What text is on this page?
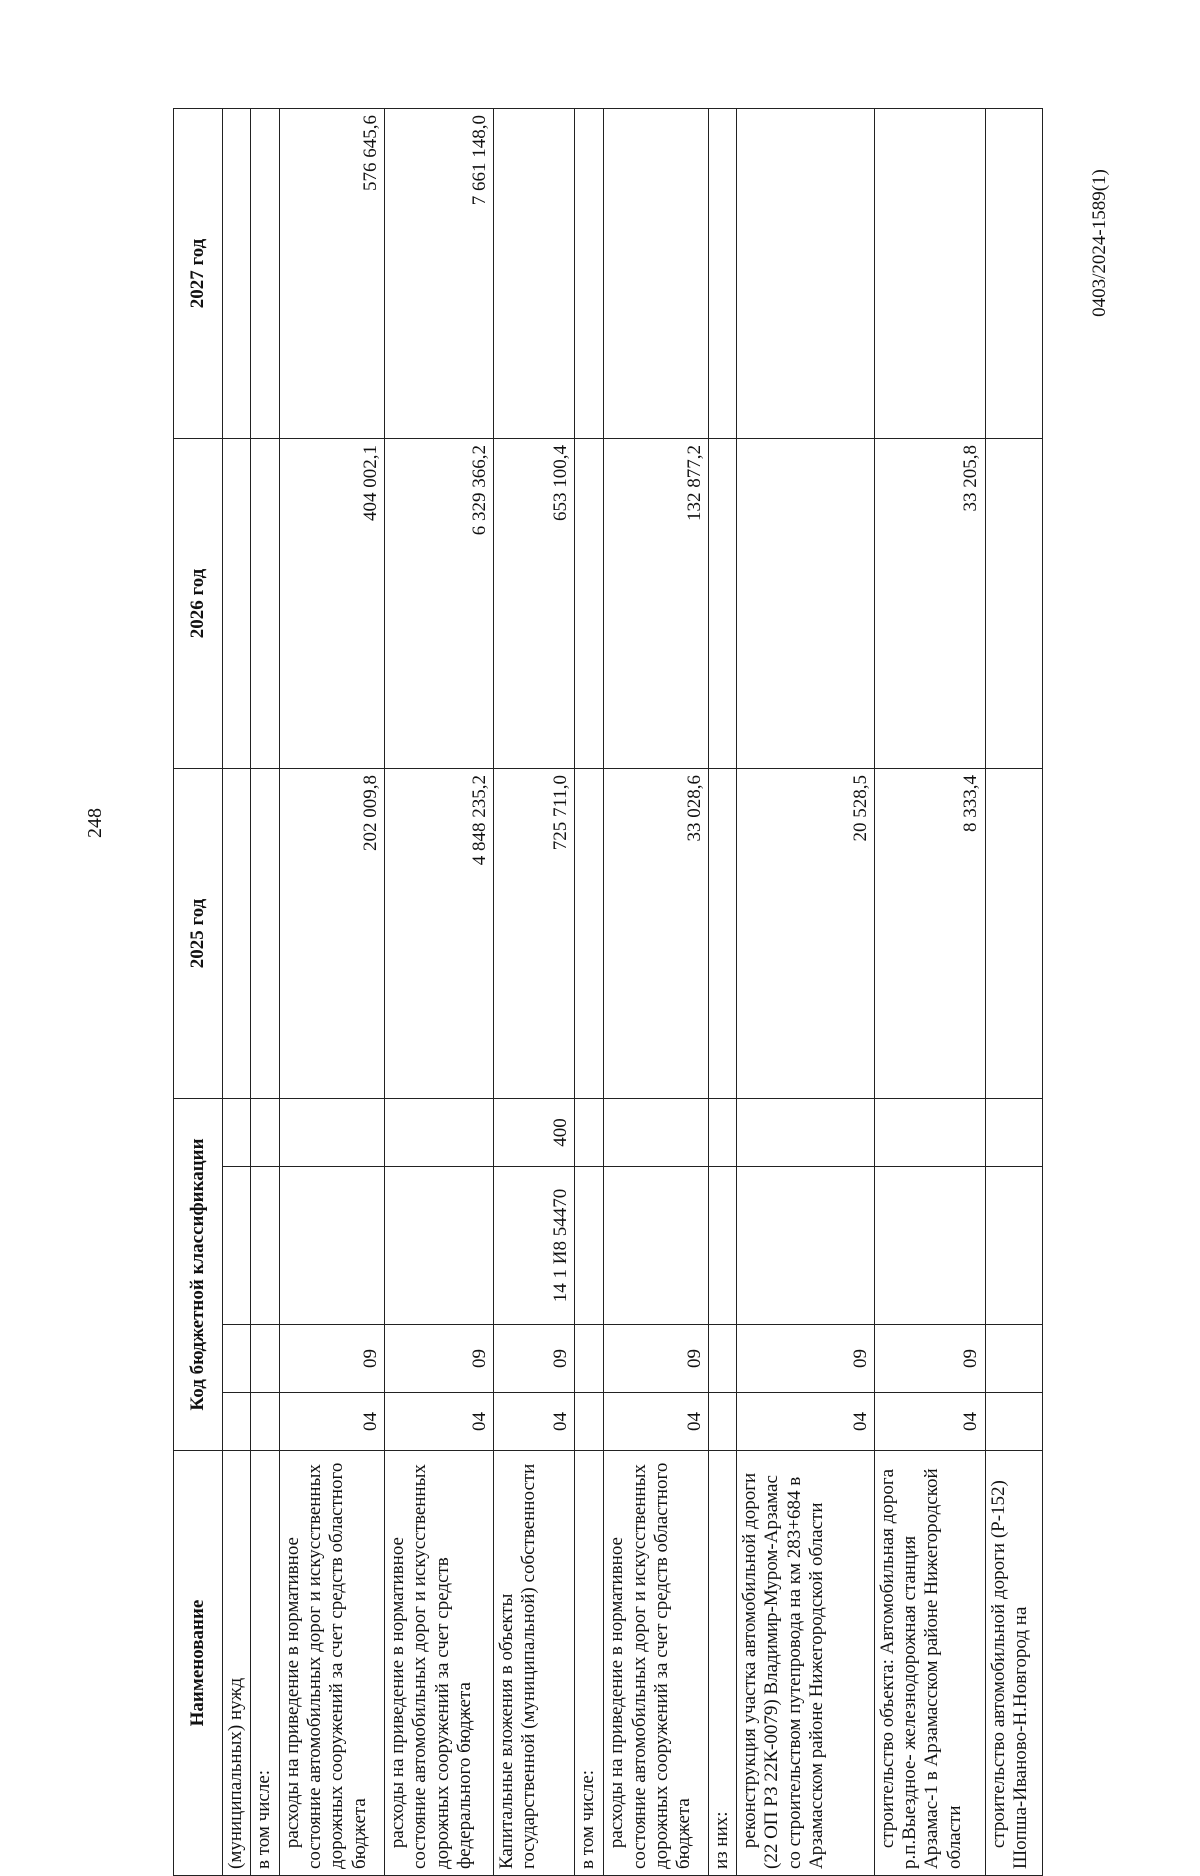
248
0403/2024-1589(1)
Наименование	Код бюджетной классификации				2025 год	2026 год	2027 год
(муниципальных) нужд							
в том числе:							
расходы на приведение в нормативное состояние автомобильных дорог и искусственных дорожных сооружений за счет средств областного бюджета	04	09			202 009,8	404 002,1	576 645,6
расходы на приведение в нормативное состояние автомобильных дорог и искусственных дорожных сооружений за счет средств федерального бюджета	04	09			4 848 235,2	6 329 366,2	7 661 148,0
Капитальные вложения в объекты государственной (муниципальной) собственности	04	09	14 1 И8 54470	400	725 711,0	653 100,4	
в том числе:							
расходы на приведение в нормативное состояние автомобильных дорог и искусственных дорожных сооружений за счет средств областного бюджета	04	09			33 028,6	132 877,2	
из них:							
реконструкция участка автомобильной дороги (22 ОП РЗ 22К-0079) Владимир-Муром-Арзамас со строительством путепровода на км 283+684 в Арзамасском районе Нижегородской области	04	09			20 528,5		
строительство объекта: Автомобильная дорога р.п.Выездное- железнодорожная станция Арзамас-1 в Арзамасском районе Нижегородской области	04	09			8 333,4	33 205,8	
строительство автомобильной дороги (Р-152) Шопша-Иваново-Н.Новгород на							
